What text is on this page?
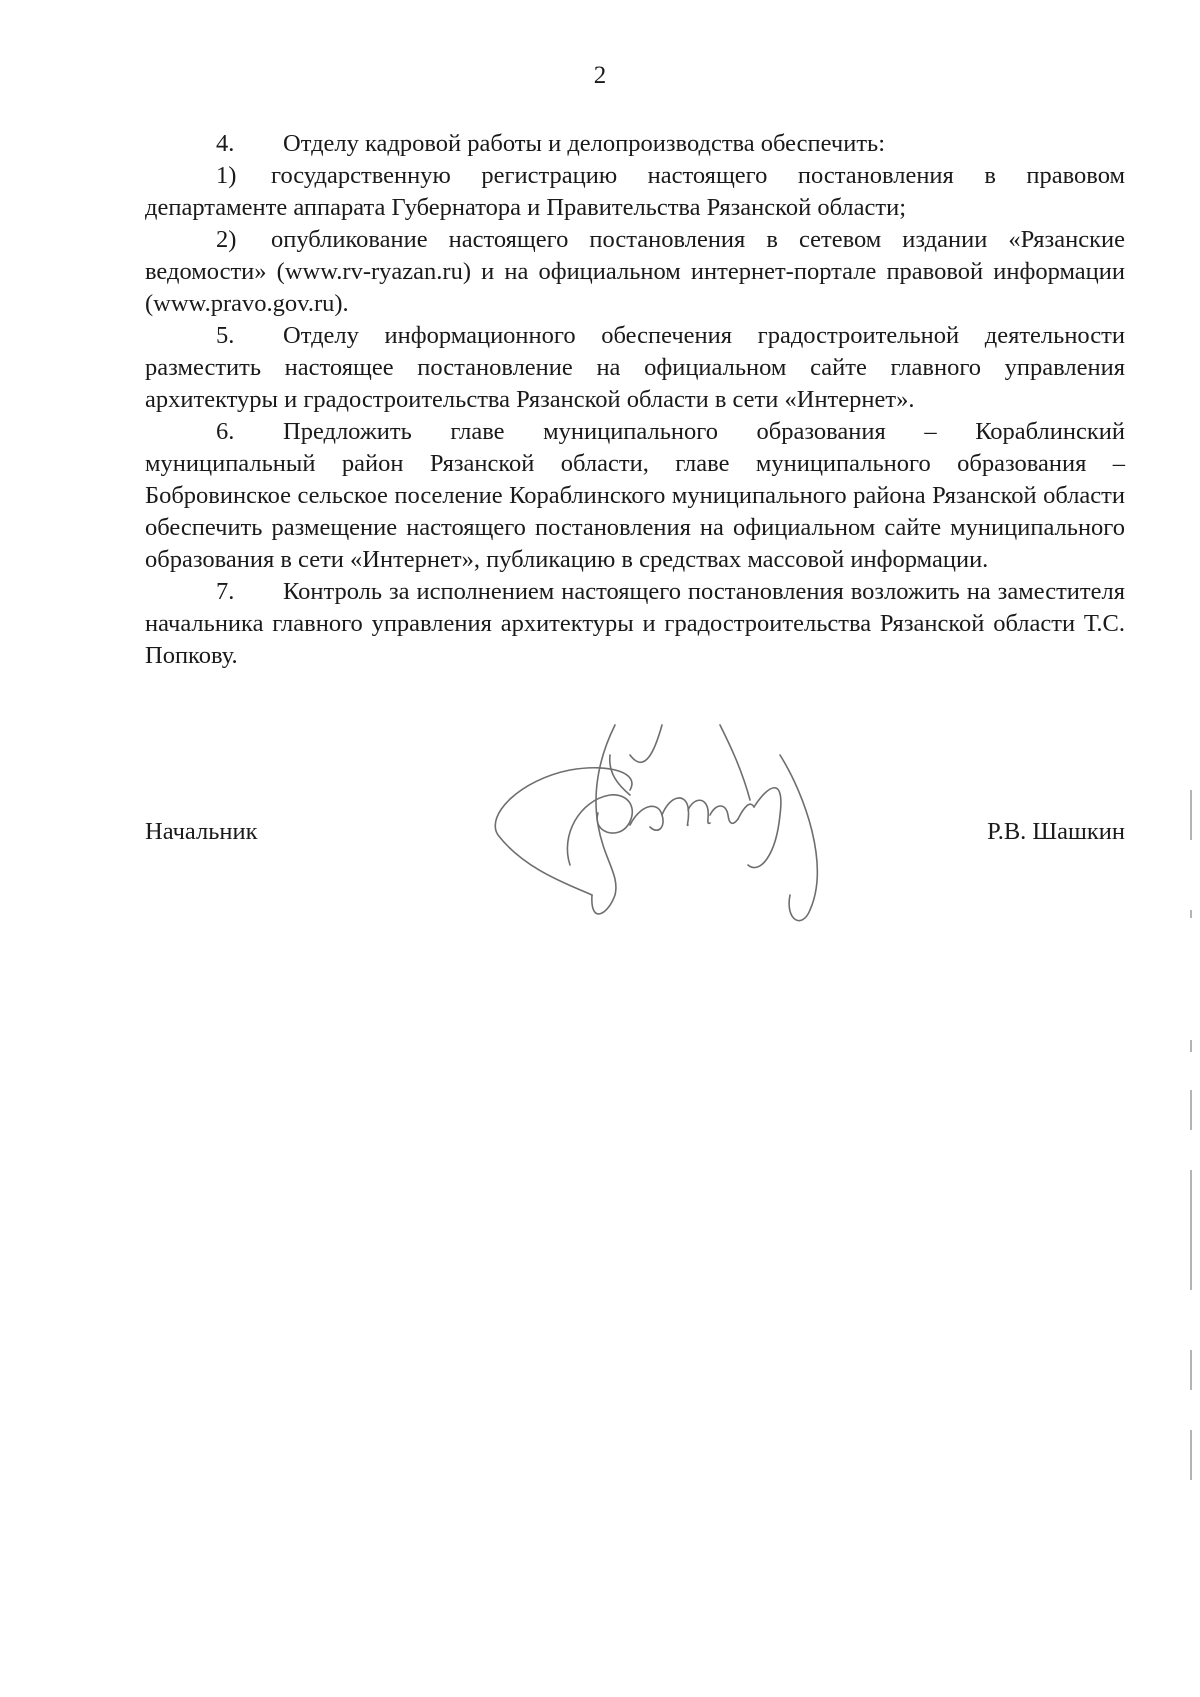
2

4. Отделу кадровой работы и делопроизводства обеспечить:

1) государственную регистрацию настоящего постановления в правовом департаменте аппарата Губернатора и Правительства Рязанской области;

2) опубликование настоящего постановления в сетевом издании «Рязанские ведомости» (www.rv-ryazan.ru) и на официальном интернет-портале правовой информации (www.pravo.gov.ru).

5. Отделу информационного обеспечения градостроительной деятельности разместить настоящее постановление на официальном сайте главного управления архитектуры и градостроительства Рязанской области в сети «Интернет».

6. Предложить главе муниципального образования – Кораблинский муниципальный район Рязанской области, главе муниципального образования – Бобровинское сельское поселение Кораблинского муниципального района Рязанской области обеспечить размещение настоящего постановления на официальном сайте муниципального образования в сети «Интернет», публикацию в средствах массовой информации.

7. Контроль за исполнением настоящего постановления возложить на заместителя начальника главного управления архитектуры и градостроительства Рязанской области Т.С. Попкову.

Начальник	Р.В. Шашкин
